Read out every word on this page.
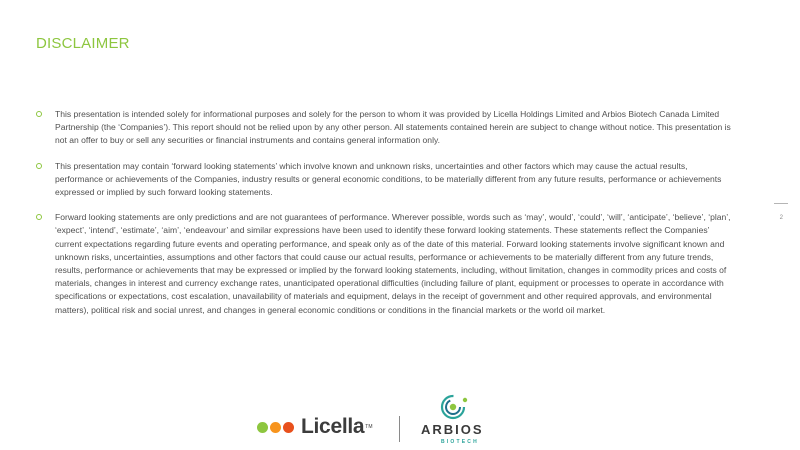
DISCLAIMER
This presentation is intended solely for informational purposes and solely for the person to whom it was provided by Licella Holdings Limited and Arbios Biotech Canada Limited Partnership (the ‘Companies’). This report should not be relied upon by any other person. All statements contained herein are subject to change without notice. This presentation is not an offer to buy or sell any securities or financial instruments and contains general information only.
This presentation may contain ‘forward looking statements’ which involve known and unknown risks, uncertainties and other factors which may cause the actual results, performance or achievements of the Companies, industry results or general economic conditions, to be materially different from any future results, performance or achievements expressed or implied by such forward looking statements.
Forward looking statements are only predictions and are not guarantees of performance. Wherever possible, words such as ‘may’, would’, ‘could’, ‘will’, ‘anticipate’, ‘believe’, ‘plan’, ‘expect’, ‘intend’, ‘estimate’, ‘aim’, ‘endeavour’ and similar expressions have been used to identify these forward looking statements. These statements reflect the Companies’ current expectations regarding future events and operating performance, and speak only as of the date of this material. Forward looking statements involve significant known and unknown risks, uncertainties, assumptions and other factors that could cause our actual results, performance or achievements to be materially different from any future trends, results, performance or achievements that may be expressed or implied by the forward looking statements, including, without limitation, changes in commodity prices and costs of materials, changes in interest and currency exchange rates, unanticipated operational difficulties (including failure of plant, equipment or processes to operate in accordance with specifications or expectations, cost escalation, unavailability of materials and equipment, delays in the receipt of government and other required approvals, and environmental matters), political risk and social unrest, and changes in general economic conditions or conditions in the financial markets or the world oil market.
2
Licella TM	ARBIOS
BIOTECH
